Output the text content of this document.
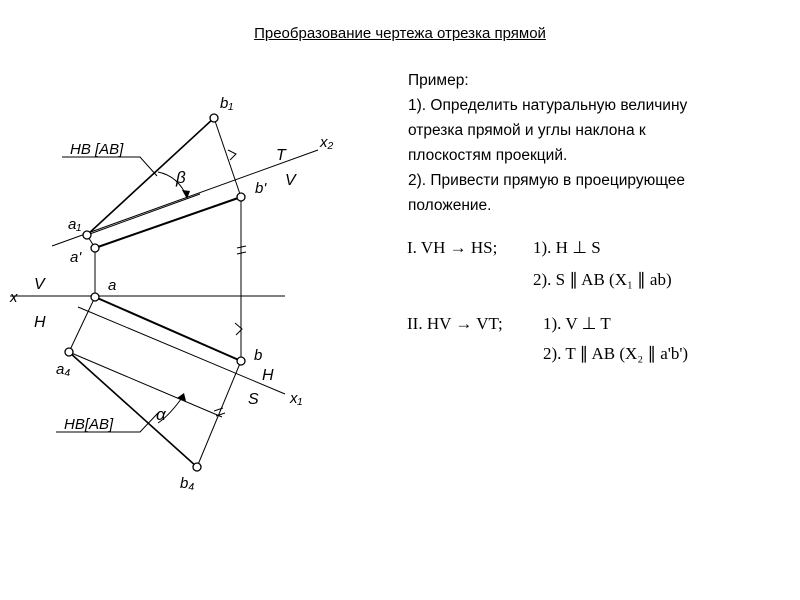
Преобразование чертежа отрезка прямой
Пример:
1). Определить натуральную величину
отрезка прямой и углы наклона к
плоскостям проекций.
2). Привести прямую в проецирующее
положение.
I. VH → HS; 1). H ⊥ S
2). S ∥ AB (X₁ ∥ ab)
II. HV → VT; 1). V ⊥ T
2). T ∥ AB (X₂ ∥ a'b')
НВ [AB]
НВ[AB]
x
x₁
x₂
V
H
T
V
H
S
a
b
a'
b'
a₁
b₁
a₄
b₄
β
α
